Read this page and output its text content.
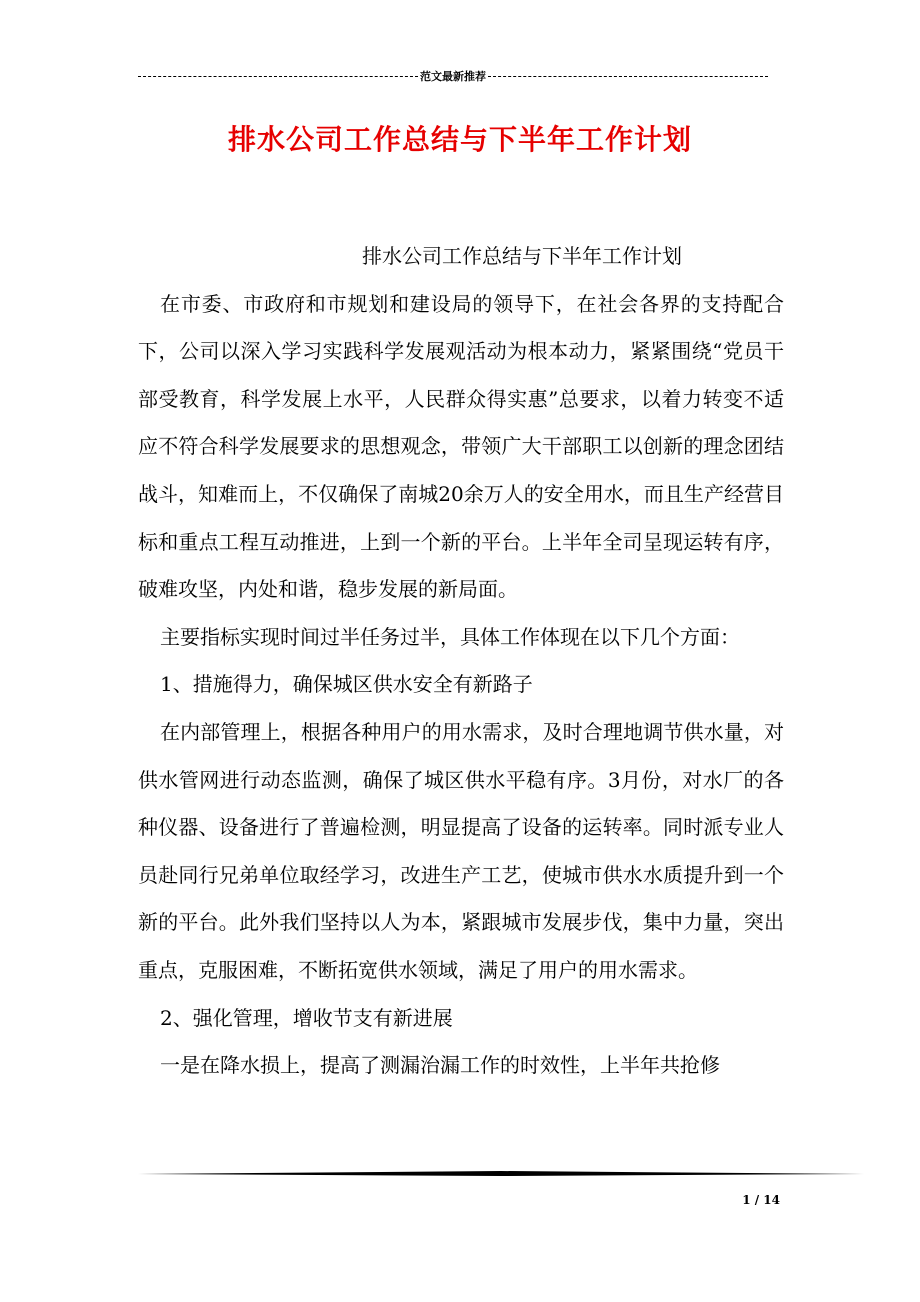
范文最新推荐
排水公司工作总结与下半年工作计划
排水公司工作总结与下半年工作计划

在市委、市政府和市规划和建设局的领导下，在社会各界的支持配合下，公司以深入学习实践科学发展观活动为根本动力，紧紧围绕“党员干部受教育，科学发展上水平，人民群众得实惠”总要求，以着力转变不适应不符合科学发展要求的思想观念，带领广大干部职工以创新的理念团结战斗，知难而上，不仅确保了南城20余万人的安全用水，而且生产经营目标和重点工程互动推进，上到一个新的平台。上半年全司呈现运转有序，破难攻坚，内处和谐，稳步发展的新局面。

主要指标实现时间过半任务过半，具体工作体现在以下几个方面：

1、措施得力，确保城区供水安全有新路子

在内部管理上，根据各种用户的用水需求，及时合理地调节供水量，对供水管网进行动态监测，确保了城区供水平稳有序。3月份，对水厂的各种仪器、设备进行了普遍检测，明显提高了设备的运转率。同时派专业人员赴同行兄弟单位取经学习，改进生产工艺，使城市供水水质提升到一个新的平台。此外我们坚持以人为本，紧跟城市发展步伐，集中力量，突出重点，克服困难，不断拓宽供水领域，满足了用户的用水需求。

2、强化管理，增收节支有新进展

一是在降水损上，提高了测漏治漏工作的时效性，上半年共抢修

1 / 14
